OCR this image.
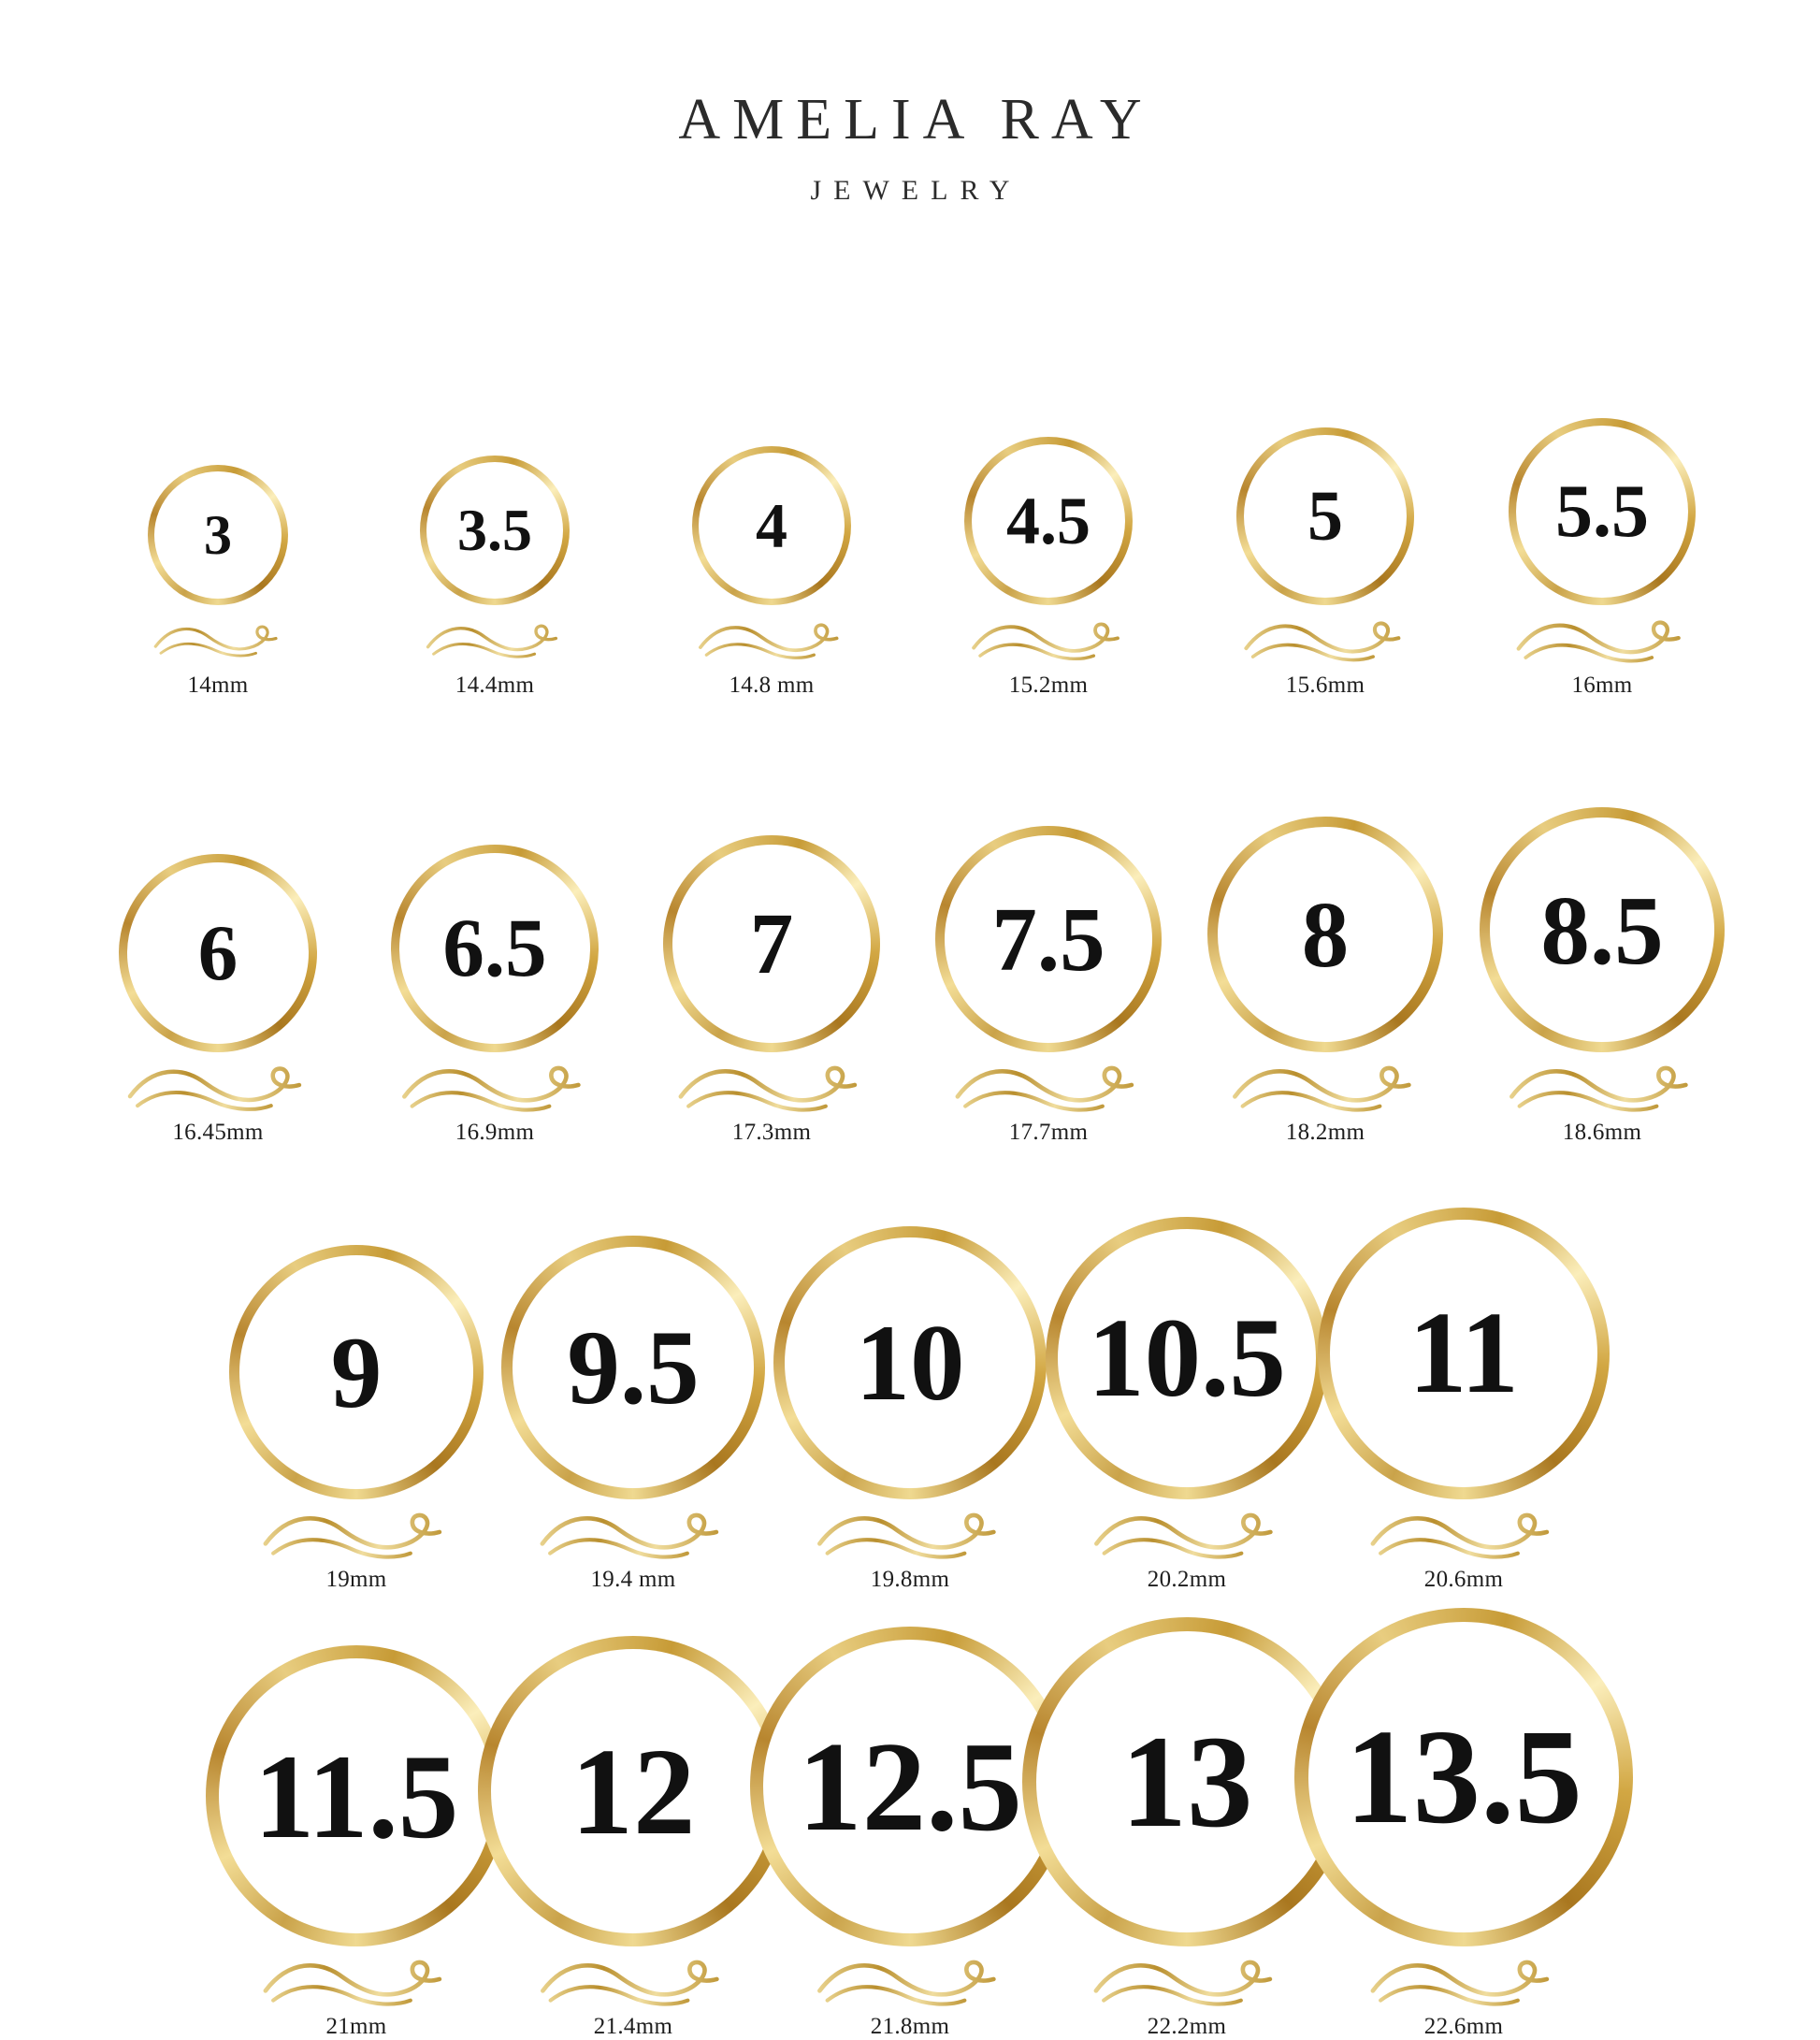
AMELIA RAY
JEWELRY
3
14mm
3.5
14.4mm
4
14.8 mm
4.5
15.2mm
5
15.6mm
5.5
16mm
6
16.45mm
6.5
16.9mm
7
17.3mm
7.5
17.7mm
8
18.2mm
8.5
18.6mm
9
19mm
9.5
19.4 mm
10
19.8mm
10.5
20.2mm
11
20.6mm
11.5
21mm
12
21.4mm
12.5
21.8mm
13
22.2mm
13.5
22.6mm
